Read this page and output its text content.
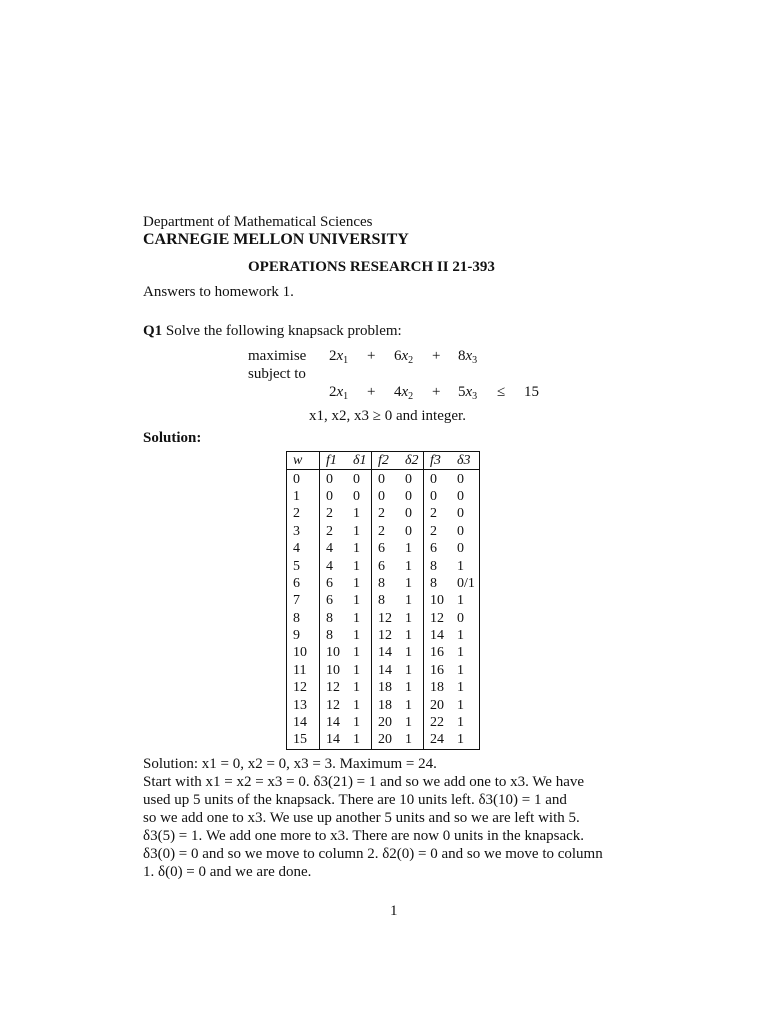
Department of Mathematical Sciences
CARNEGIE MELLON UNIVERSITY
OPERATIONS RESEARCH II 21-393
Answers to homework 1.
Q1 Solve the following knapsack problem:
maximise
subject to
$2x_1 + 6x_2 + 8x_3$
$2x_1 + 4x_2 + 5x_3 \le 15$
x1, x2, x3 ≥ 0 and integer.
Solution:
w	f1	δ1	f2	δ2	f3	δ3
0	0	0	0	0	0	0
1	0	0	0	0	0	0
2	2	1	2	0	2	0
3	2	1	2	0	2	0
4	4	1	6	1	6	0
5	4	1	6	1	8	1
6	6	1	8	1	8	0/1
7	6	1	8	1	10	1
8	8	1	12	1	12	0
9	8	1	12	1	14	1
10	10	1	14	1	16	1
11	10	1	14	1	16	1
12	12	1	18	1	18	1
13	12	1	18	1	20	1
14	14	1	20	1	22	1
15	14	1	20	1	24	1
Solution: x1 = 0, x2 = 0, x3 = 3. Maximum = 24.
Start with x1 = x2 = x3 = 0. δ3(21) = 1 and so we add one to x3. We have
used up 5 units of the knapsack. There are 10 units left. δ3(10) = 1 and
so we add one to x3. We use up another 5 units and so we are left with 5.
δ3(5) = 1. We add one more to x3. There are now 0 units in the knapsack.
δ3(0) = 0 and so we move to column 2. δ2(0) = 0 and so we move to column
1. δ(0) = 0 and we are done.
1
